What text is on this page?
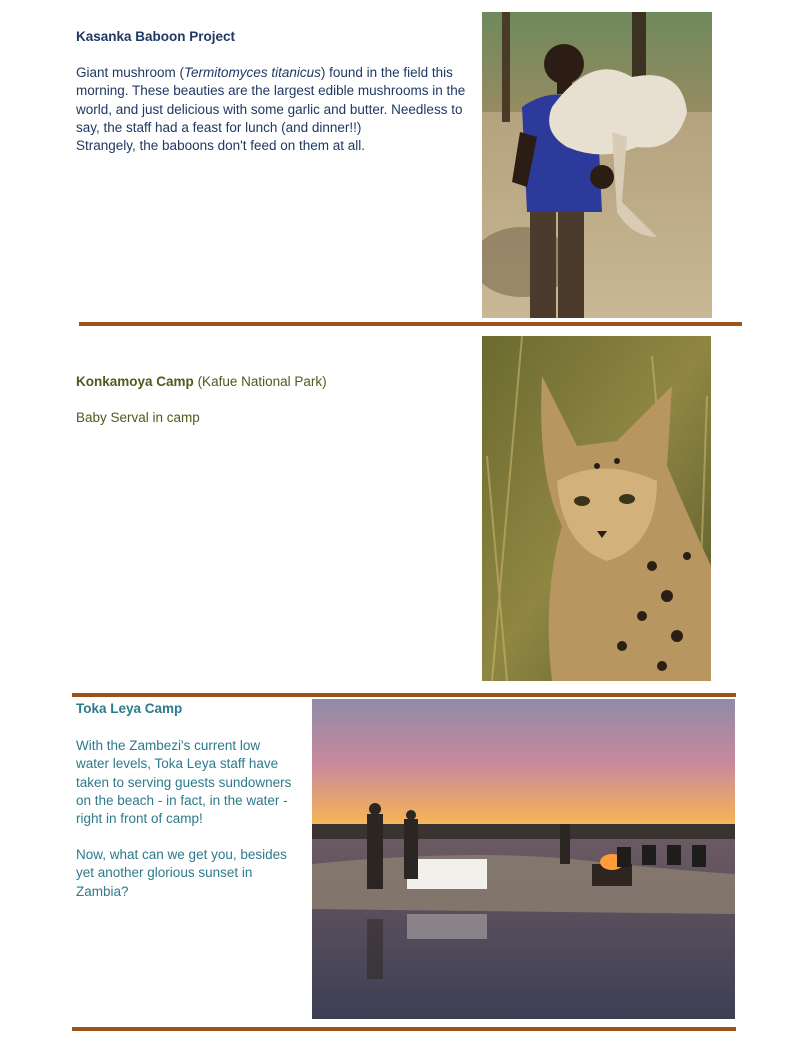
Kasanka Baboon Project
Giant mushroom (Termitomyces titanicus) found in the field this morning. These beauties are the largest edible mushrooms in the world, and just delicious with some garlic and butter. Needless to say, the staff had a feast for lunch (and dinner!!)
Strangely, the baboons don't feed on them at all.
Konkamoya Camp (Kafue National Park)
Baby Serval in camp
Toka Leya Camp
With the Zambezi's current low water levels, Toka Leya staff have taken to serving guests sundowners on the beach - in fact, in the water - right in front of camp!
Now, what can we get you, besides yet another glorious sunset in Zambia?
